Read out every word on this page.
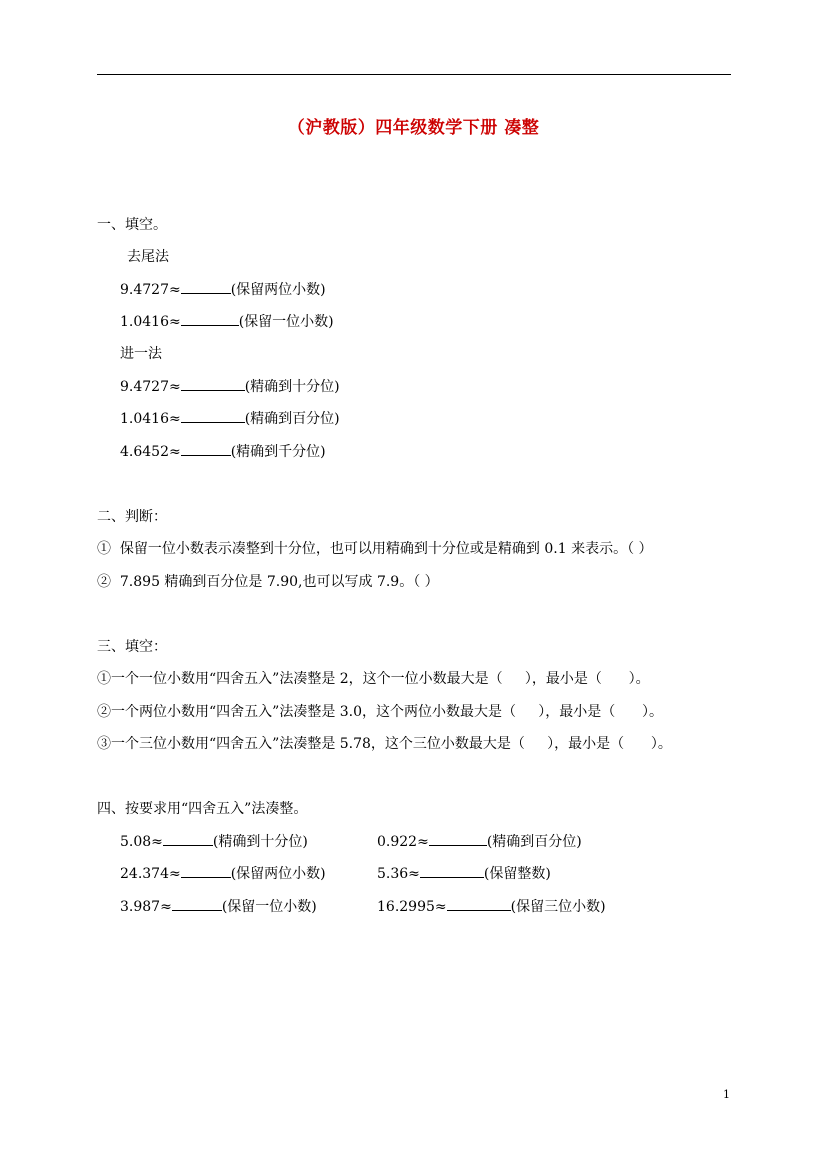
（沪教版）四年级数学下册 凑整
一、填空。
去尾法
9.4727≈	(保留两位小数)
1.0416≈	(保留一位小数)
进一法
9.4727≈	(精确到十分位)
1.0416≈	(精确到百分位)
4.6452≈	(精确到千分位)
二、判断：
①  保留一位小数表示凑整到十分位，也可以用精确到十分位或是精确到 0.1 来表示。（ ）
②  7.895 精确到百分位是 7.90,也可以写成 7.9。（ ）
三、填空：
①一个一位小数用“四舍五入”法凑整是 2，这个一位小数最大是（     ），最小是（      ）。
②一个两位小数用“四舍五入”法凑整是 3.0，这个两位小数最大是（     ），最小是（      ）。
③一个三位小数用“四舍五入”法凑整是 5.78，这个三位小数最大是（     ），最小是（      ）。
四、按要求用“四舍五入”法凑整。
5.08≈	(精确到十分位)	0.922≈	(精确到百分位)
24.374≈	(保留两位小数)	5.36≈	(保留整数)
3.987≈	(保留一位小数)	16.2995≈	(保留三位小数)
1
